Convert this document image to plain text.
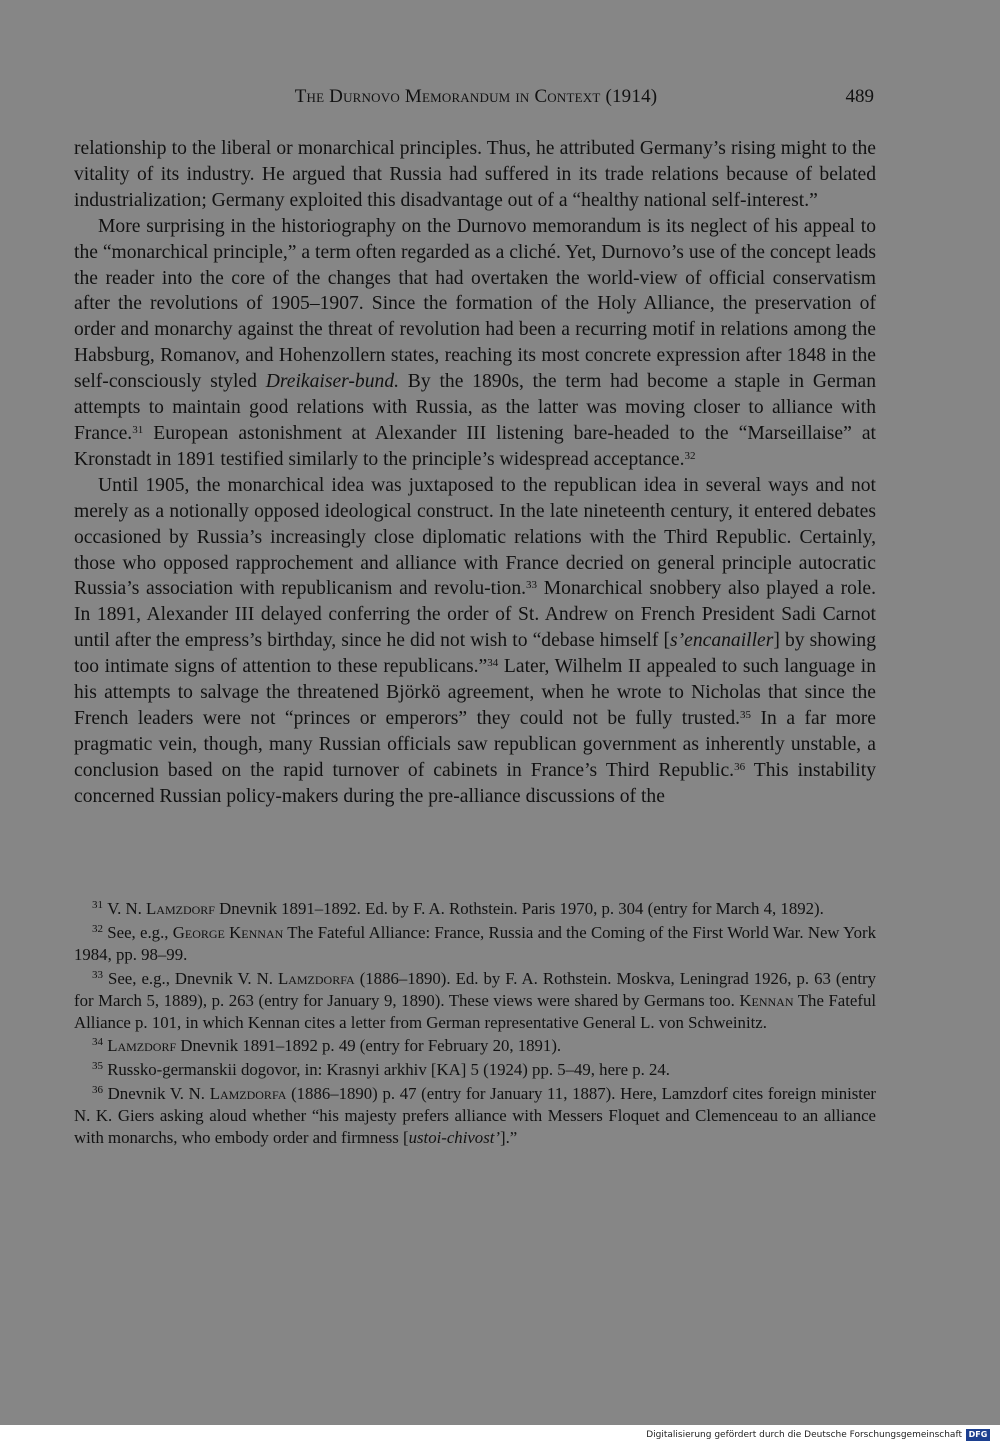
The Durnovo Memorandum in Context (1914)	489

relationship to the liberal or monarchical principles. Thus, he attributed Germany’s rising might to the vitality of its industry. He argued that Russia had suffered in its trade relations because of belated industrialization; Germany exploited this disadvantage out of a “healthy national self-interest.”

More surprising in the historiography on the Durnovo memorandum is its neglect of his appeal to the “monarchical principle,” a term often regarded as a cliché. Yet, Durnovo’s use of the concept leads the reader into the core of the changes that had overtaken the world-view of official conservatism after the revolutions of 1905–1907. Since the formation of the Holy Alliance, the preservation of order and monarchy against the threat of revolution had been a recurring motif in relations among the Habsburg, Romanov, and Hohenzollern states, reaching its most concrete expression after 1848 in the self-consciously styled Dreikaiser-bund. By the 1890s, the term had become a staple in German attempts to maintain good relations with Russia, as the latter was moving closer to alliance with France.$^{31}$ European astonishment at Alexander III listening bare-headed to the “Marseillaise” at Kronstadt in 1891 testified similarly to the principle’s widespread acceptance.$^{32}$

Until 1905, the monarchical idea was juxtaposed to the republican idea in several ways and not merely as a notionally opposed ideological construct. In the late nineteenth century, it entered debates occasioned by Russia’s increasingly close diplomatic relations with the Third Republic. Certainly, those who opposed rapprochement and alliance with France decried on general principle autocratic Russia’s association with republicanism and revolu-tion.$^{33}$ Monarchical snobbery also played a role. In 1891, Alexander III delayed conferring the order of St. Andrew on French President Sadi Carnot until after the empress’s birthday, since he did not wish to “debase himself [s’encanailler] by showing too intimate signs of attention to these republicans.”$^{34}$ Later, Wilhelm II appealed to such language in his attempts to salvage the threatened Björkö agreement, when he wrote to Nicholas that since the French leaders were not “princes or emperors” they could not be fully trusted.$^{35}$ In a far more pragmatic vein, though, many Russian officials saw republican government as inherently unstable, a conclusion based on the rapid turnover of cabinets in France’s Third Republic.$^{36}$ This instability concerned Russian policy-makers during the pre-alliance discussions of the

$^{31}$ V. N. Lamzdorf Dnevnik 1891–1892. Ed. by F. A. Rothstein. Paris 1970, p. 304 (entry for March 4, 1892).

$^{32}$ See, e.g., George Kennan The Fateful Alliance: France, Russia and the Coming of the First World War. New York 1984, pp. 98–99.

$^{33}$ See, e.g., Dnevnik V. N. Lamzdorfa (1886–1890). Ed. by F. A. Rothstein. Moskva, Leningrad 1926, p. 63 (entry for March 5, 1889), p. 263 (entry for January 9, 1890). These views were shared by Germans too. Kennan The Fateful Alliance p. 101, in which Kennan cites a letter from German representative General L. von Schweinitz.

$^{34}$ Lamzdorf Dnevnik 1891–1892 p. 49 (entry for February 20, 1891).

$^{35}$ Russko-germanskii dogovor, in: Krasnyi arkhiv [KA] 5 (1924) pp. 5–49, here p. 24.

$^{36}$ Dnevnik V. N. Lamzdorfa (1886–1890) p. 47 (entry for January 11, 1887). Here, Lamzdorf cites foreign minister N. K. Giers asking aloud whether “his majesty prefers alliance with Messers Floquet and Clemenceau to an alliance with monarchs, who embody order and firmness [ustoi-chivost’].”

Digitalisierung gefördert durch die Deutsche Forschungsgemeinschaft DFG
